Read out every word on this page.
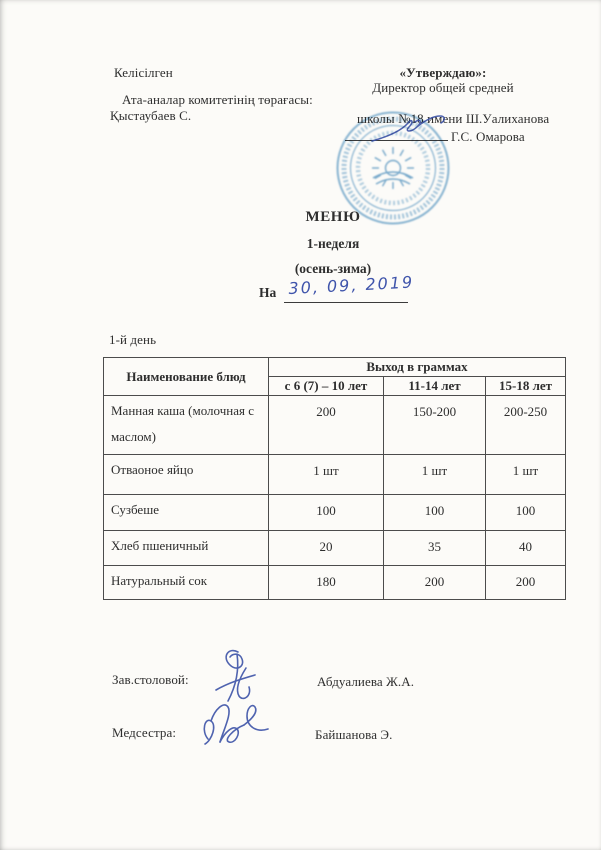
Келісілген
Ата-аналар комитетінің төрағасы:
Қыстаубаев С.
«Утверждаю»:
Директор общей средней
школы №18 имени Ш.Уалиханова
Г.С. Омарова
МЕНЮ
1-неделя
(осень-зима)
На 30, 09, 2019
1-й день
Наименование блюд	Выход в граммах		
	с 6 (7) – 10 лет	11-14 лет	15-18 лет
Манная каша (молочная с маслом)	200	150-200	200-250
Отваоное яйцо	1 шт	1 шт	1 шт
Сузбеше	100	100	100
Хлеб пшеничный	20	35	40
Натуральный сок	180	200	200
Зав.столовой:	Абдуалиева Ж.А.
Медсестра:	Байшанова Э.
